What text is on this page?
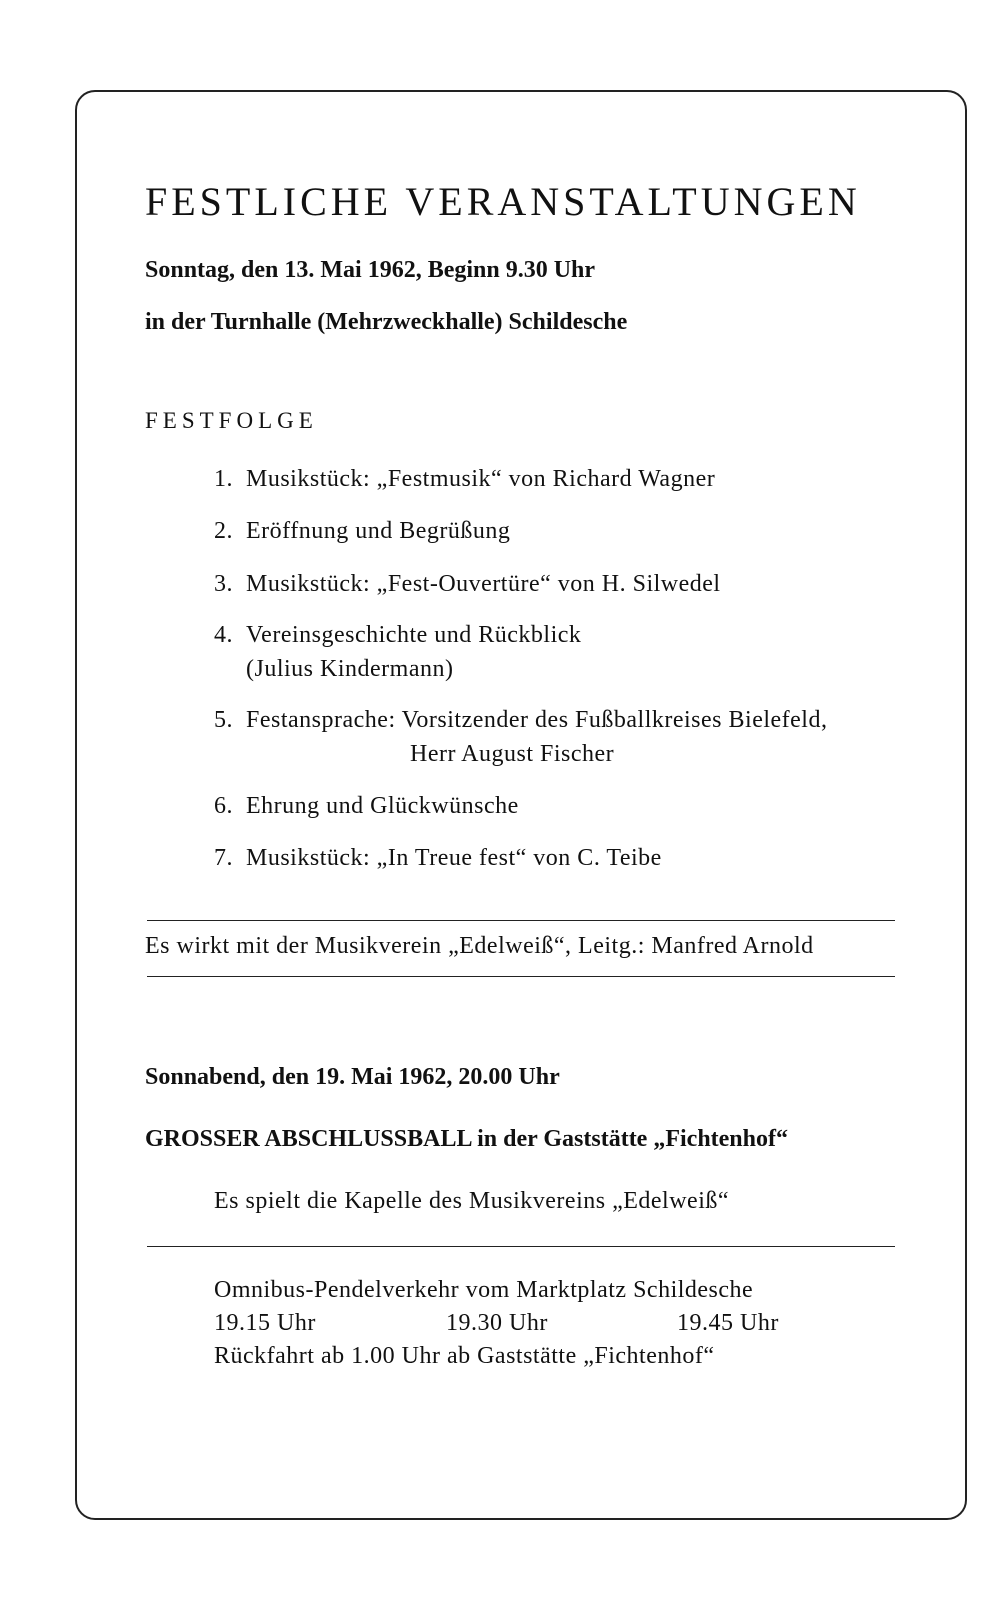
FESTLICHE VERANSTALTUNGEN
Sonntag, den 13. Mai 1962, Beginn 9.30 Uhr
in der Turnhalle (Mehrzweckhalle) Schildesche
FESTFOLGE
1. Musikstück: „Festmusik“ von Richard Wagner
2. Eröffnung und Begrüßung
3. Musikstück: „Fest-Ouvertüre“ von H. Silwedel
4. Vereinsgeschichte und Rückblick
(Julius Kindermann)
5. Festansprache: Vorsitzender des Fußballkreises Bielefeld,
Herr August Fischer
6. Ehrung und Glückwünsche
7. Musikstück: „In Treue fest“ von C. Teibe
Es wirkt mit der Musikverein „Edelweiß“, Leitg.: Manfred Arnold
Sonnabend, den 19. Mai 1962, 20.00 Uhr
GROSSER ABSCHLUSSBALL in der Gaststätte „Fichtenhof“
Es spielt die Kapelle des Musikvereins „Edelweiß“
Omnibus-Pendelverkehr vom Marktplatz Schildesche
19.15 Uhr	19.30 Uhr	19.45 Uhr
Rückfahrt ab 1.00 Uhr ab Gaststätte „Fichtenhof“
